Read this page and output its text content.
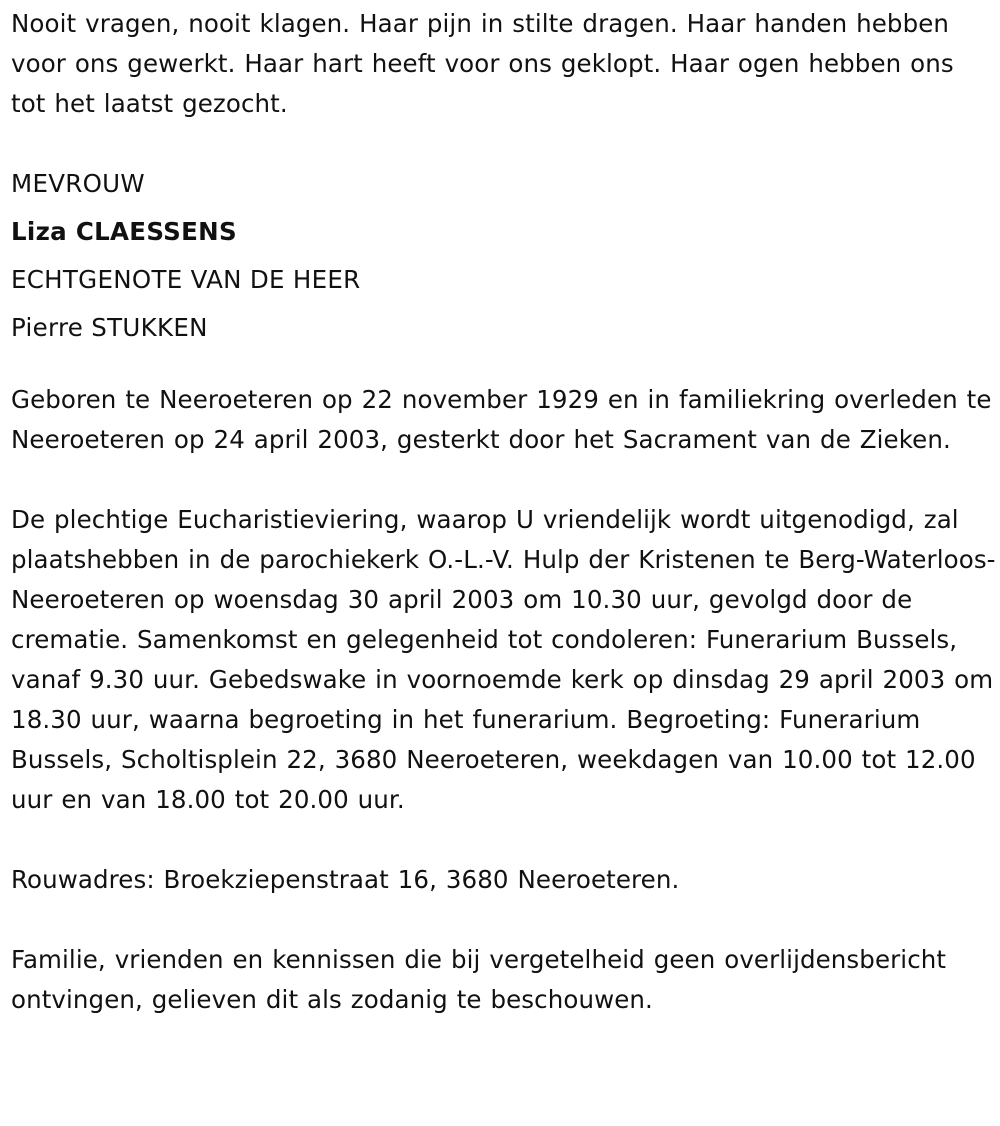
Nooit vragen, nooit klagen. Haar pijn in stilte dragen. Haar handen hebben voor ons gewerkt. Haar hart heeft voor ons geklopt. Haar ogen hebben ons tot het laatst gezocht.

MEVROUW

Liza CLAESSENS

ECHTGENOTE VAN DE HEER

Pierre STUKKEN

Geboren te Neeroeteren op 22 november 1929 en in familiekring overleden te Neeroeteren op 24 april 2003, gesterkt door het Sacrament van de Zieken.

De plechtige Eucharistieviering, waarop U vriendelijk wordt uitgenodigd, zal plaatshebben in de parochiekerk O.-L.-V. Hulp der Kristenen te Berg-Waterloos-Neeroeteren op woensdag 30 april 2003 om 10.30 uur, gevolgd door de crematie. Samenkomst en gelegenheid tot condoleren: Funerarium Bussels, vanaf 9.30 uur. Gebedswake in voornoemde kerk op dinsdag 29 april 2003 om 18.30 uur, waarna begroeting in het funerarium. Begroeting: Funerarium Bussels, Scholtisplein 22, 3680 Neeroeteren, weekdagen van 10.00 tot 12.00 uur en van 18.00 tot 20.00 uur.

Rouwadres: Broekziepenstraat 16, 3680 Neeroeteren.

Familie, vrienden en kennissen die bij vergetelheid geen overlijdensbericht ontvingen, gelieven dit als zodanig te beschouwen.
